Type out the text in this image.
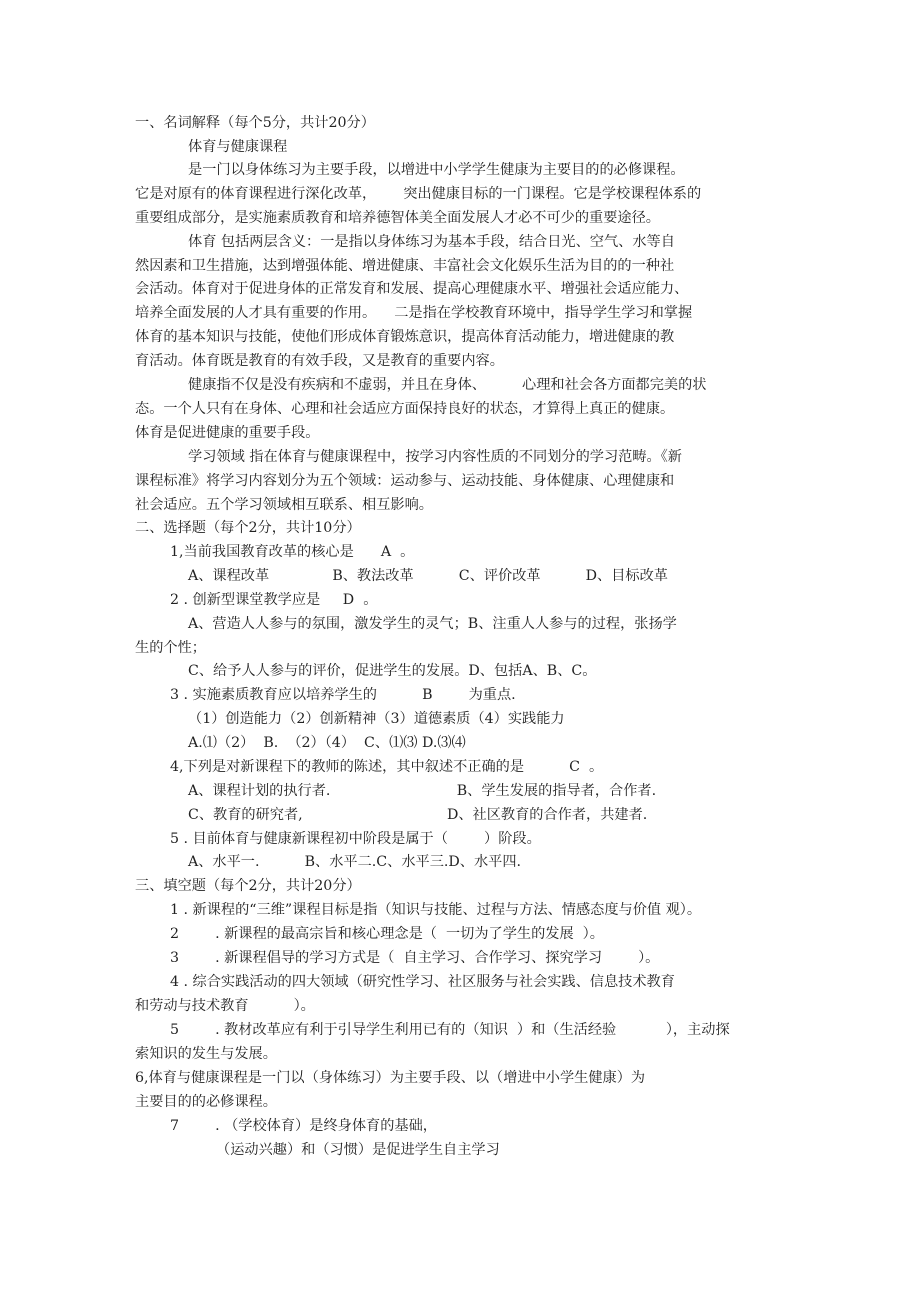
一、名词解释（每个5分，共计20分）
体育与健康课程
是一门以身体练习为主要手段，以增进中小学学生健康为主要目的的必修课程。
它是对原有的体育课程进行深化改革，      突出健康目标的一门课程。它是学校课程体系的
重要组成部分，是实施素质教育和培养德智体美全面发展人才必不可少的重要途径。
体育 包括两层含义：一是指以身体练习为基本手段，结合日光、空气、水等自
然因素和卫生措施，达到增强体能、增进健康、丰富社会文化娱乐生活为目的的一种社
会活动。体育对于促进身体的正常发育和发展、提高心理健康水平、增强社会适应能力、
培养全面发展的人才具有重要的作用。    二是指在学校教育环境中，指导学生学习和掌握
体育的基本知识与技能，使他们形成体育锻炼意识，提高体育活动能力，增进健康的教
育活动。体育既是教育的有效手段，又是教育的重要内容。
健康指不仅是没有疾病和不虚弱，并且在身体、        心理和社会各方面都完美的状
态。一个人只有在身体、心理和社会适应方面保持良好的状态，才算得上真正的健康。
体育是促进健康的重要手段。
学习领域 指在体育与健康课程中，按学习内容性质的不同划分的学习范畴。《新
课程标准》将学习内容划分为五个领域：运动参与、运动技能、身体健康、心理健康和
社会适应。五个学习领域相互联系、相互影响。
二、选择题（每个2分，共计10分）
1,当前我国教育改革的核心是      A  。
A、课程改革              B、教法改革          C、评价改革          D、目标改革
2 . 创新型课堂教学应是     D  。
A、营造人人参与的氛围，激发学生的灵气；B、注重人人参与的过程，张扬学
生的个性；
C、给予人人参与的评价，促进学生的发展。D、包括A、B、C。
3 . 实施素质教育应以培养学生的          B        为重点.
（1）创造能力（2）创新精神（3）道德素质（4）实践能力
A.⑴（2）  B.  （2）（4）  C、⑴⑶ D.⑶⑷
4,下列是对新课程下的教师的陈述，其中叙述不正确的是          C  。
A、课程计划的执行者.                            B、学生发展的指导者，合作者.
C、教育的研究者,                                D、社区教育的合作者，共建者.
5 . 目前体育与健康新课程初中阶段是属于（        ）阶段。
A、水平一.          B、水平二.C、水平三.D、水平四.
三、填空题（每个2分，共计20分）
1 . 新课程的“三维”课程目标是指（知识与技能、过程与方法、情感态度与价值 观）。
2        . 新课程的最高宗旨和核心理念是（  一切为了学生的发展  ）。
3        . 新课程倡导的学习方式是（  自主学习、合作学习、探究学习        ）。
4 . 综合实践活动的四大领域（研究性学习、社区服务与社会实践、信息技术教育
和劳动与技术教育          ）。
5        . 教材改革应有利于引导学生利用已有的（知识  ）和（生活经验           ），主动探
索知识的发生与发展。
6,体育与健康课程是一门以（身体练习）为主要手段、以（增进中小学生健康）为
主要目的的必修课程。
7        . （学校体育）是终身体育的基础，
（运动兴趣）和（习惯）是促进学生自主学习
